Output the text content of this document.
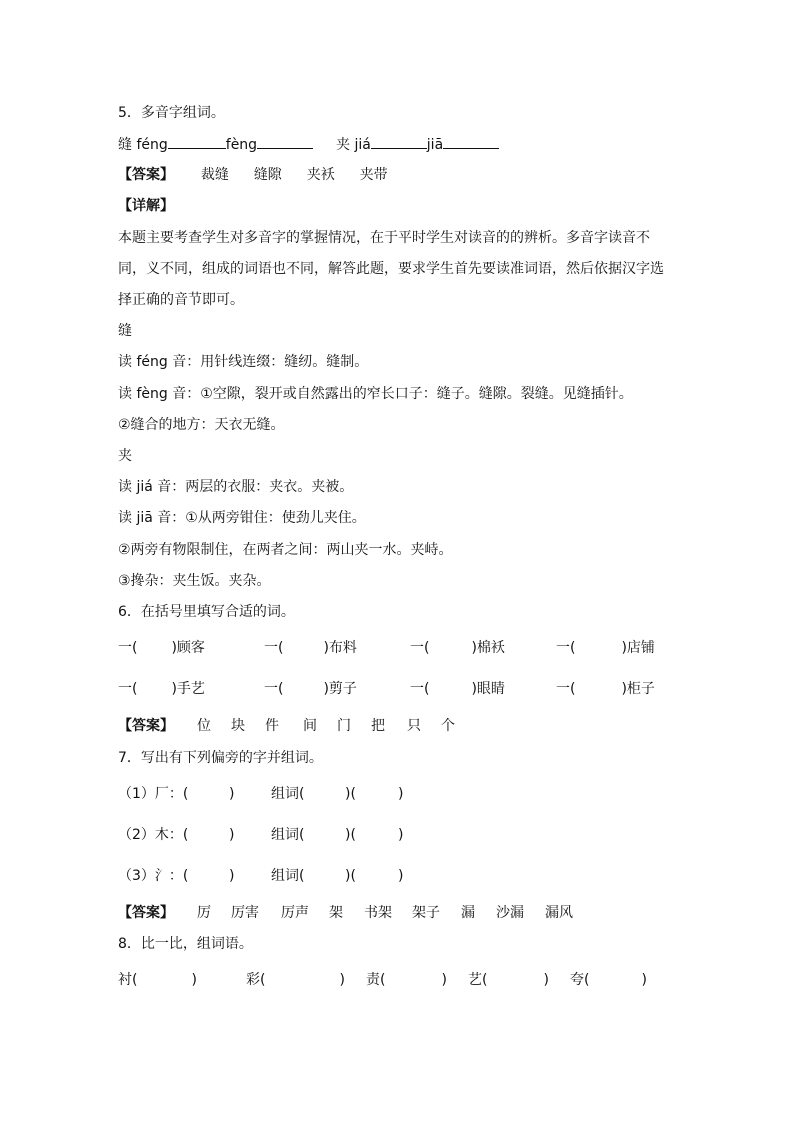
5．多音字组词。
缝 féng	fèng	夹 jiá	jiā
【答案】 裁缝 缝隙 夹袄 夹带
【详解】
本题主要考查学生对多音字的掌握情况，在于平时学生对读音的的辨析。多音字读音不
同，义不同，组成的词语也不同，解答此题，要求学生首先要读准词语，然后依据汉字选
择正确的音节即可。
缝
读 féng 音：用针线连缀：缝纫。缝制。
读 fèng 音：①空隙，裂开或自然露出的窄长口子：缝子。缝隙。裂缝。见缝插针。
②缝合的地方：天衣无缝。
夹
读 jiá 音：两层的衣服：夹衣。夹被。
读 jiā 音：①从两旁钳住：使劲儿夹住。
②两旁有物限制住，在两者之间：两山夹一水。夹峙。
③搀杂：夹生饭。夹杂。
6．在括号里填写合适的词。
一( )顾客	一(	)布料	一(	)棉袄	一(	)店铺
一( )手艺	一(	)剪子	一(	)眼睛	一(	)柜子
【答案】 位 块 件 间 门 把 只 个
7．写出有下列偏旁的字并组词。
（1）厂：(	)	组词(	)(	)
（2）木：(	)	组词(	)(	)
（3）氵：(	)	组词(	)(	)
【答案】 厉 厉害 厉声 架 书架 架子 漏 沙漏 漏风
8．比一比，组词语。
衬(	)	彩(	) 责(	) 艺(	) 夸(	)
